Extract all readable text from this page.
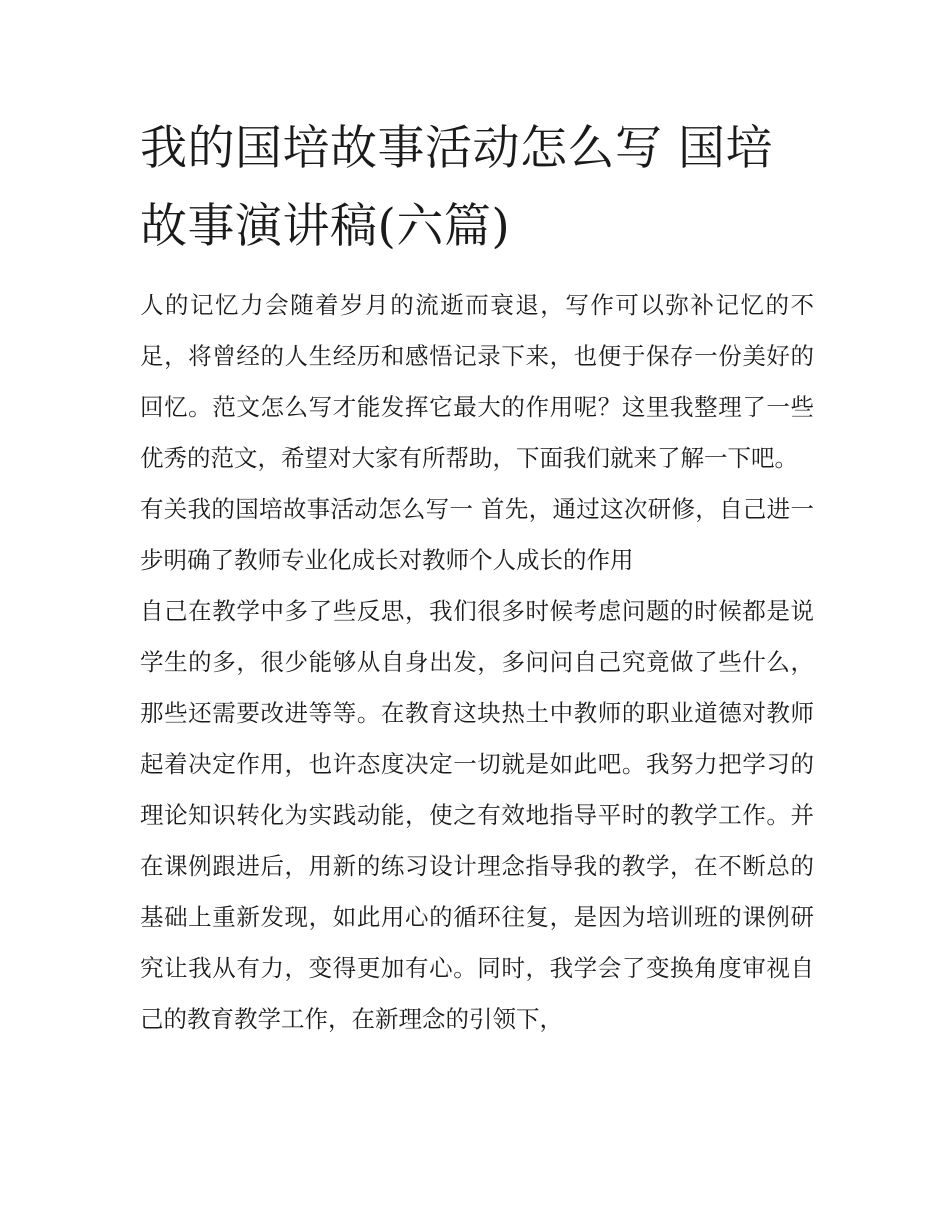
我的国培故事活动怎么写 国培故事演讲稿(六篇)

人的记忆力会随着岁月的流逝而衰退，写作可以弥补记忆的不足，将曾经的人生经历和感悟记录下来，也便于保存一份美好的回忆。范文怎么写才能发挥它最大的作用呢？这里我整理了一些优秀的范文，希望对大家有所帮助，下面我们就来了解一下吧。

有关我的国培故事活动怎么写一 首先，通过这次研修，自己进一步明确了教师专业化成长对教师个人成长的作用

自己在教学中多了些反思，我们很多时候考虑问题的时候都是说学生的多，很少能够从自身出发，多问问自己究竟做了些什么，那些还需要改进等等。在教育这块热土中教师的职业道德对教师起着决定作用，也许态度决定一切就是如此吧。我努力把学习的理论知识转化为实践动能，使之有效地指导平时的教学工作。并在课例跟进后，用新的练习设计理念指导我的教学，在不断总的基础上重新发现，如此用心的循环往复，是因为培训班的课例研究让我从有力，变得更加有心。同时，我学会了变换角度审视自己的教育教学工作，在新理念的引领下，
